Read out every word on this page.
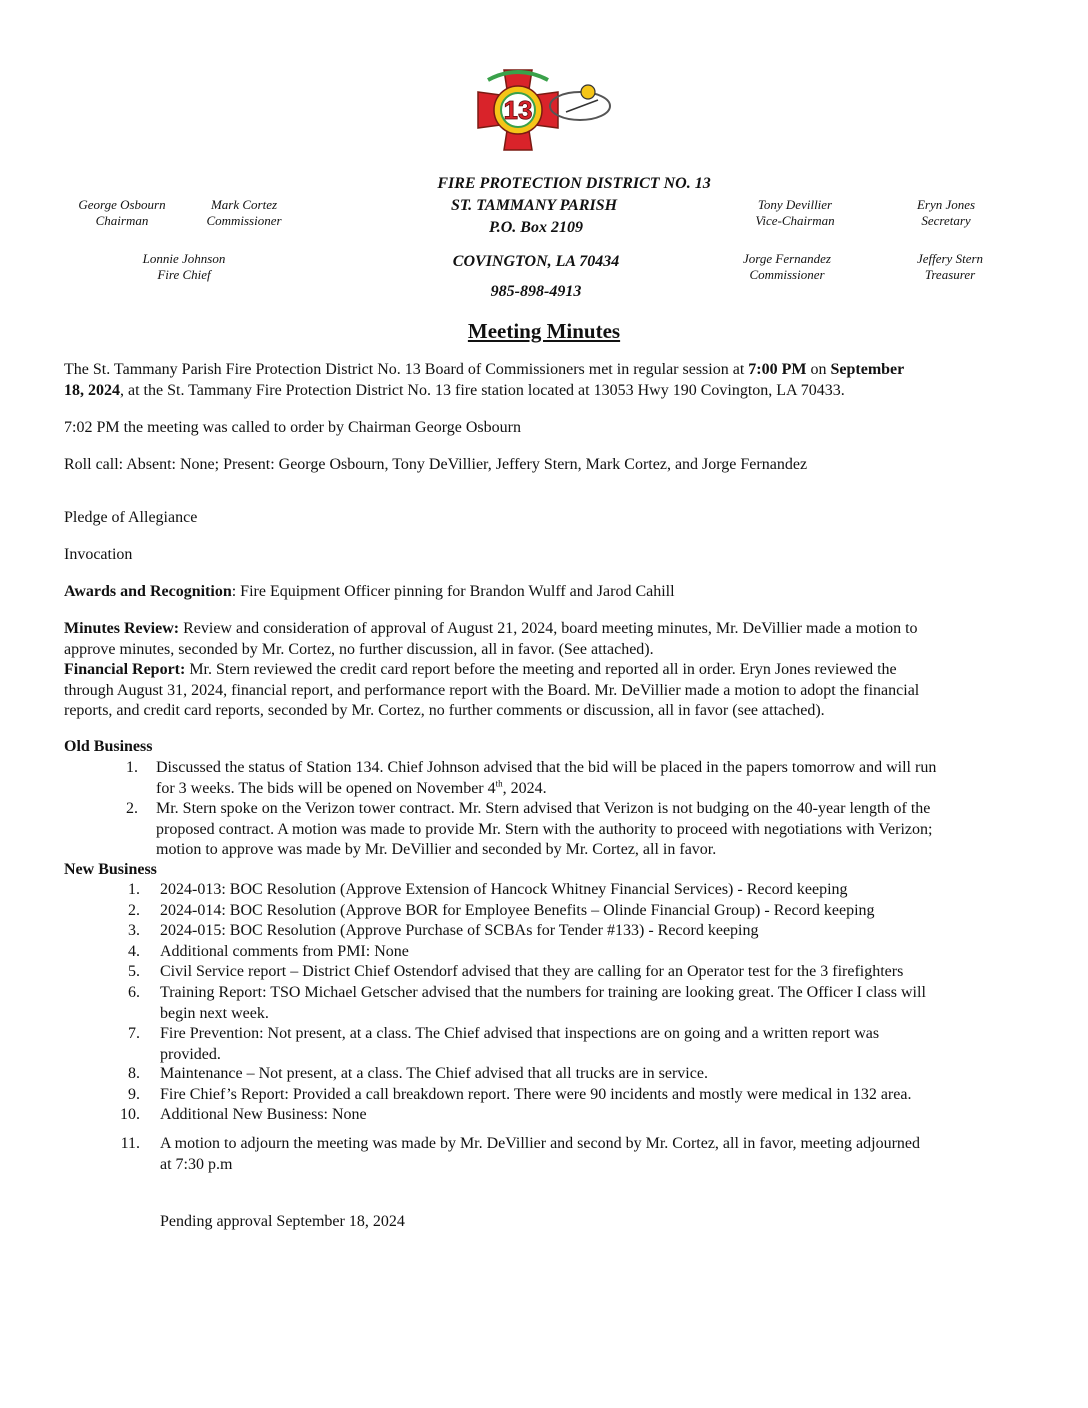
13
George Osbourn
Chairman
Mark Cortez
Commissioner
Lonnie Johnson
Fire Chief
Tony Devillier
Vice-Chairman
Eryn Jones
Secretary
Jorge Fernandez
Commissioner
Jeffery Stern
Treasurer
FIRE PROTECTION DISTRICT NO. 13
ST. TAMMANY PARISH
P.O. Box 2109
COVINGTON, LA 70434
985-898-4913
Meeting Minutes
The St. Tammany Parish Fire Protection District No. 13 Board of Commissioners met in regular session at 7:00 PM on September
18, 2024, at the St. Tammany Fire Protection District No. 13 fire station located at 13053 Hwy 190 Covington, LA 70433.
7:02 PM the meeting was called to order by Chairman George Osbourn
Roll call: Absent: None; Present: George Osbourn, Tony DeVillier, Jeffery Stern, Mark Cortez, and Jorge Fernandez
Pledge of Allegiance
Invocation
Awards and Recognition: Fire Equipment Officer pinning for Brandon Wulff and Jarod Cahill
Minutes Review: Review and consideration of approval of August 21, 2024, board meeting minutes, Mr. DeVillier made a motion to
approve minutes, seconded by Mr. Cortez, no further discussion, all in favor. (See attached).
Financial Report: Mr. Stern reviewed the credit card report before the meeting and reported all in order. Eryn Jones reviewed the
through August 31, 2024, financial report, and performance report with the Board. Mr. DeVillier made a motion to adopt the financial
reports, and credit card reports, seconded by Mr. Cortez, no further comments or discussion, all in favor (see attached).
Old Business
1. Discussed the status of Station 134. Chief Johnson advised that the bid will be placed in the papers tomorrow and will run
for 3 weeks. The bids will be opened on November 4th, 2024.
2. Mr. Stern spoke on the Verizon tower contract. Mr. Stern advised that Verizon is not budging on the 40-year length of the
proposed contract. A motion was made to provide Mr. Stern with the authority to proceed with negotiations with Verizon;
motion to approve was made by Mr. DeVillier and seconded by Mr. Cortez, all in favor.
New Business
1. 2024-013: BOC Resolution (Approve Extension of Hancock Whitney Financial Services) - Record keeping
2. 2024-014: BOC Resolution (Approve BOR for Employee Benefits – Olinde Financial Group) - Record keeping
3. 2024-015: BOC Resolution (Approve Purchase of SCBAs for Tender #133) - Record keeping
4. Additional comments from PMI: None
5. Civil Service report – District Chief Ostendorf advised that they are calling for an Operator test for the 3 firefighters
6. Training Report: TSO Michael Getscher advised that the numbers for training are looking great. The Officer I class will
begin next week.
7. Fire Prevention: Not present, at a class. The Chief advised that inspections are on going and a written report was
provided.
8. Maintenance – Not present, at a class. The Chief advised that all trucks are in service.
9. Fire Chief’s Report: Provided a call breakdown report. There were 90 incidents and mostly were medical in 132 area.
10. Additional New Business: None
11. A motion to adjourn the meeting was made by Mr. DeVillier and second by Mr. Cortez, all in favor, meeting adjourned
at 7:30 p.m
Pending approval September 18, 2024
